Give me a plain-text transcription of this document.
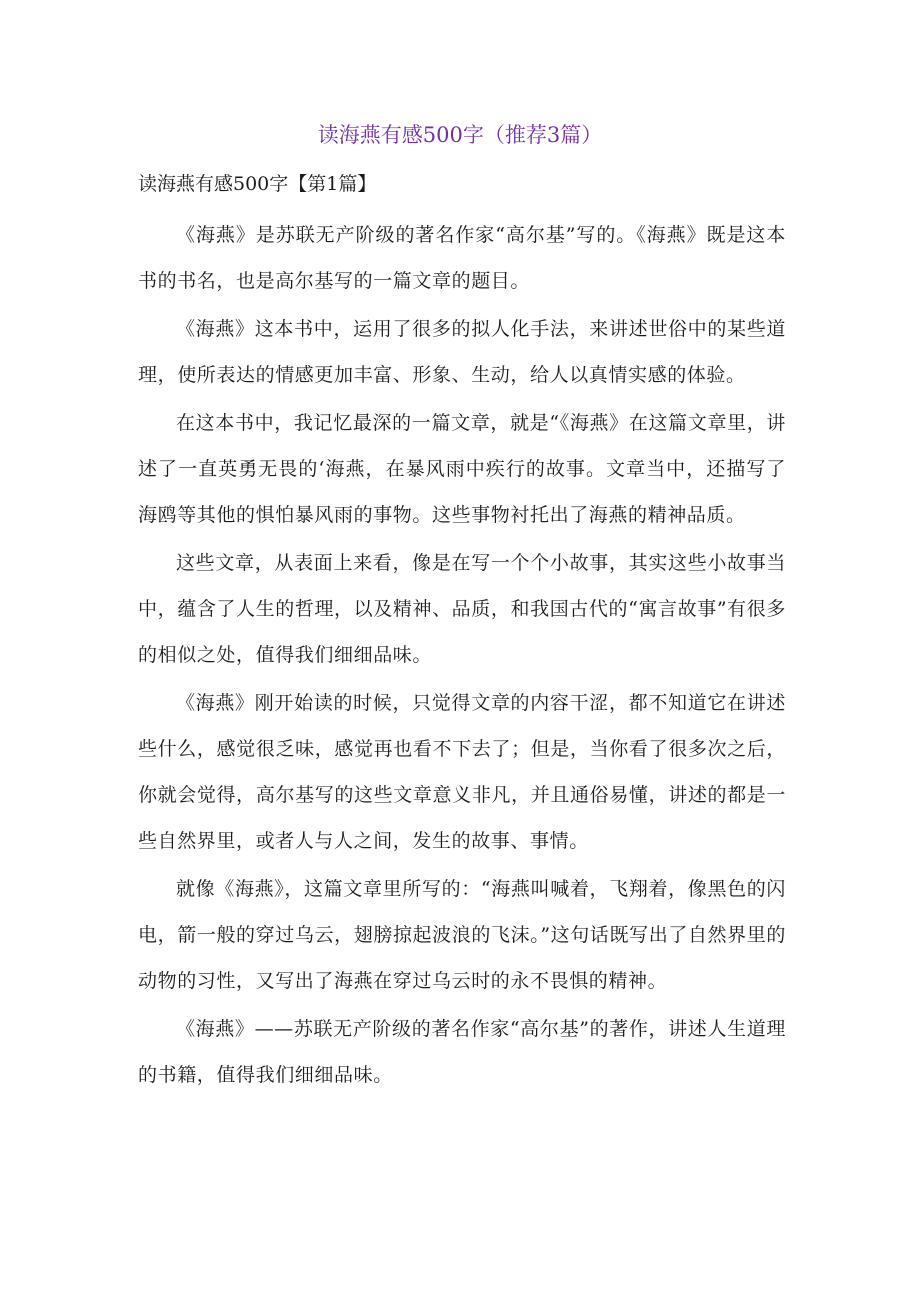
读海燕有感500字（推荐3篇）
读海燕有感500字【第1篇】

《海燕》是苏联无产阶级的著名作家“高尔基”写的。《海燕》既是这本书的书名，也是高尔基写的一篇文章的题目。

《海燕》这本书中，运用了很多的拟人化手法，来讲述世俗中的某些道理，使所表达的情感更加丰富、形象、生动，给人以真情实感的体验。

在这本书中，我记忆最深的一篇文章，就是“《海燕》在这篇文章里，讲述了一直英勇无畏的‘海燕，在暴风雨中疾行的故事。文章当中，还描写了海鸥等其他的惧怕暴风雨的事物。这些事物衬托出了海燕的精神品质。

这些文章，从表面上来看，像是在写一个个小故事，其实这些小故事当中，蕴含了人生的哲理，以及精神、品质，和我国古代的“寓言故事”有很多的相似之处，值得我们细细品味。

《海燕》刚开始读的时候，只觉得文章的内容干涩，都不知道它在讲述些什么，感觉很乏味，感觉再也看不下去了；但是，当你看了很多次之后，你就会觉得，高尔基写的这些文章意义非凡，并且通俗易懂，讲述的都是一些自然界里，或者人与人之间，发生的故事、事情。

就像《海燕》，这篇文章里所写的：“海燕叫喊着，飞翔着，像黑色的闪电，箭一般的穿过乌云，翅膀掠起波浪的飞沫。”这句话既写出了自然界里的动物的习性，又写出了海燕在穿过乌云时的永不畏惧的精神。

《海燕》——苏联无产阶级的著名作家“高尔基”的著作，讲述人生道理的书籍，值得我们细细品味。
